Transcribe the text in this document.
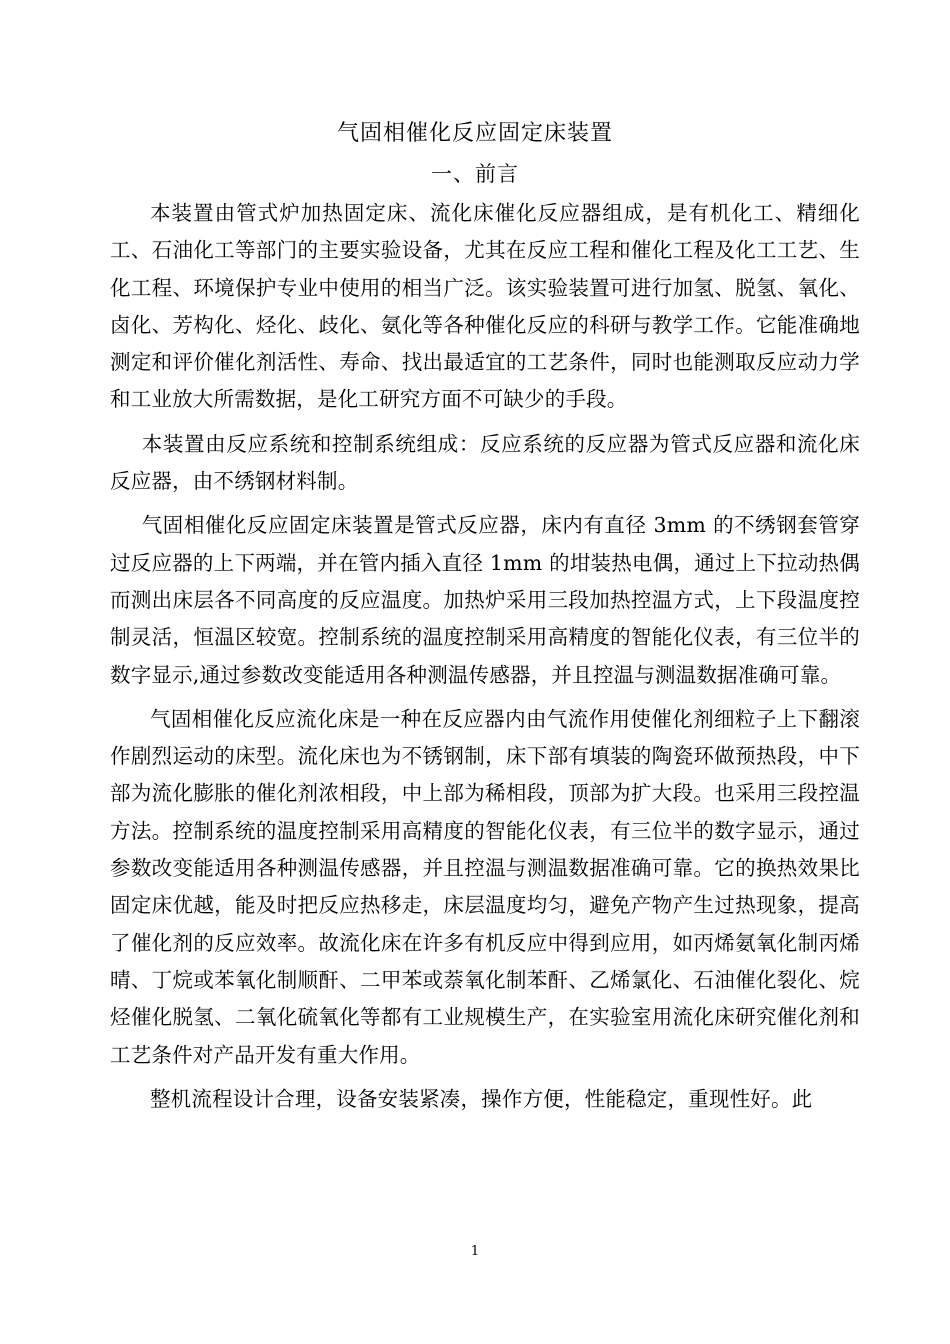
气固相催化反应固定床装置
一、前言

本装置由管式炉加热固定床、流化床催化反应器组成，是有机化工、精细化工、石油化工等部门的主要实验设备，尤其在反应工程和催化工程及化工工艺、生化工程、环境保护专业中使用的相当广泛。该实验装置可进行加氢、脱氢、氧化、卤化、芳构化、烃化、歧化、氨化等各种催化反应的科研与教学工作。它能准确地测定和评价催化剂活性、寿命、找出最适宜的工艺条件，同时也能测取反应动力学和工业放大所需数据，是化工研究方面不可缺少的手段。

本装置由反应系统和控制系统组成：反应系统的反应器为管式反应器和流化床反应器，由不绣钢材料制。

气固相催化反应固定床装置是管式反应器，床内有直径 3mm 的不绣钢套管穿过反应器的上下两端，并在管内插入直径 1mm 的坩装热电偶，通过上下拉动热偶而测出床层各不同高度的反应温度。加热炉采用三段加热控温方式，上下段温度控制灵活，恒温区较宽。控制系统的温度控制采用高精度的智能化仪表，有三位半的数字显示,通过参数改变能适用各种测温传感器，并且控温与测温数据准确可靠。

气固相催化反应流化床是一种在反应器内由气流作用使催化剂细粒子上下翻滚作剧烈运动的床型。流化床也为不锈钢制，床下部有填装的陶瓷环做预热段，中下部为流化膨胀的催化剂浓相段，中上部为稀相段，顶部为扩大段。也采用三段控温方法。控制系统的温度控制采用高精度的智能化仪表，有三位半的数字显示，通过参数改变能适用各种测温传感器，并且控温与测温数据准确可靠。它的换热效果比固定床优越，能及时把反应热移走，床层温度均匀，避免产物产生过热现象，提高了催化剂的反应效率。故流化床在许多有机反应中得到应用，如丙烯氨氧化制丙烯晴、丁烷或苯氧化制顺酐、二甲苯或萘氧化制苯酐、乙烯氯化、石油催化裂化、烷烃催化脱氢、二氧化硫氧化等都有工业规模生产，在实验室用流化床研究催化剂和工艺条件对产品开发有重大作用。

整机流程设计合理，设备安装紧凑，操作方便，性能稳定，重现性好。此

1
